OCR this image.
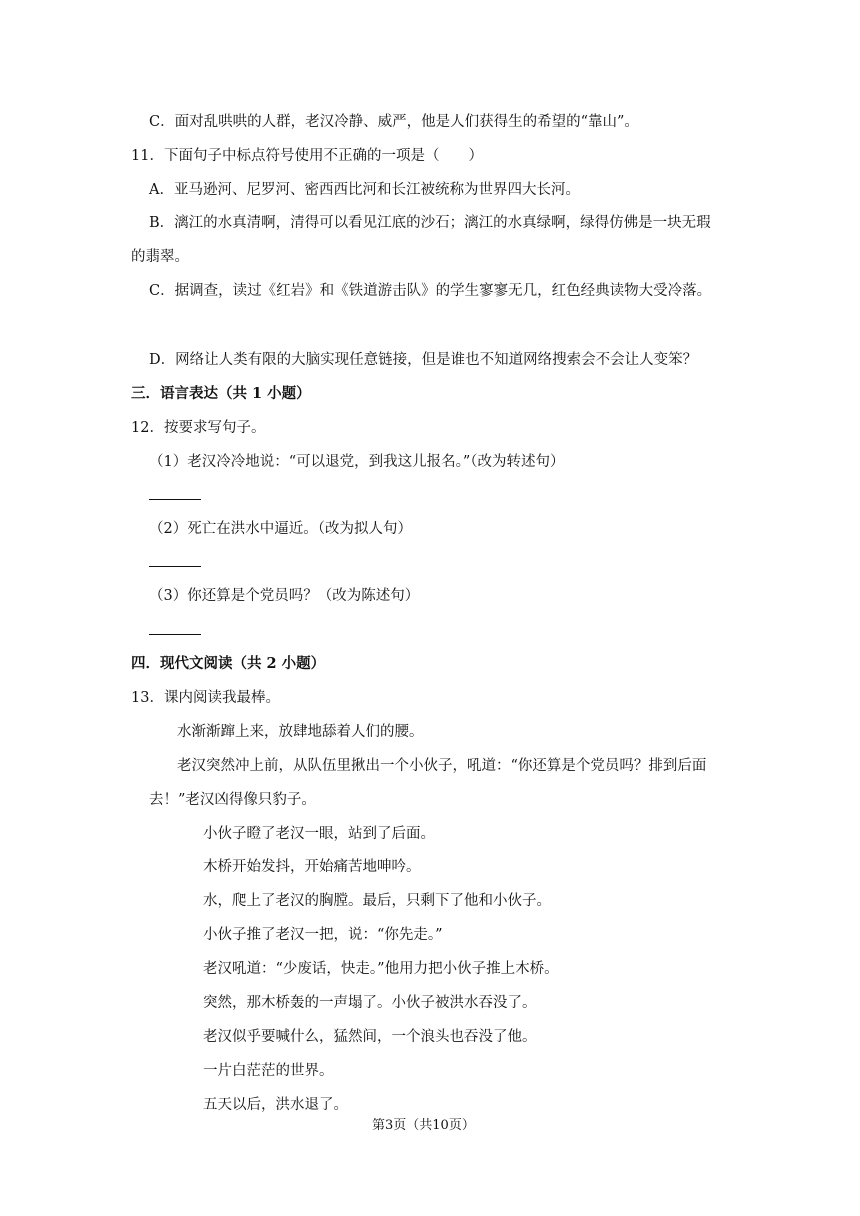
C．面对乱哄哄的人群，老汉冷静、威严，他是人们获得生的希望的“靠山”。

11．下面句子中标点符号使用不正确的一项是（　　）

A．亚马逊河、尼罗河、密西西比河和长江被统称为世界四大长河。

B．漓江的水真清啊，清得可以看见江底的沙石；漓江的水真绿啊，绿得仿佛是一块无瑕

的翡翠。

C．据调查，读过《红岩》和《铁道游击队》的学生寥寥无几，红色经典读物大受冷落。

D．网络让人类有限的大脑实现任意链接，但是谁也不知道网络搜索会不会让人变笨？

三．语言表达（共 1 小题）

12．按要求写句子。

（1）老汉冷冷地说：“可以退党，到我这儿报名。”（改为转述句）

（2）死亡在洪水中逼近。（改为拟人句）

（3）你还算是个党员吗？（改为陈述句）

四．现代文阅读（共 2 小题）

13．课内阅读我最棒。

水渐渐蹿上来，放肆地舔着人们的腰。

老汉突然冲上前，从队伍里揪出一个小伙子，吼道：“你还算是个党员吗？排到后面

去！”老汉凶得像只豹子。

小伙子瞪了老汉一眼，站到了后面。

木桥开始发抖，开始痛苦地呻吟。

水，爬上了老汉的胸膛。最后，只剩下了他和小伙子。

小伙子推了老汉一把，说：“你先走。”

老汉吼道：“少废话，快走。”他用力把小伙子推上木桥。

突然，那木桥轰的一声塌了。小伙子被洪水吞没了。

老汉似乎要喊什么，猛然间，一个浪头也吞没了他。

一片白茫茫的世界。

五天以后，洪水退了。

第3页（共10页）
